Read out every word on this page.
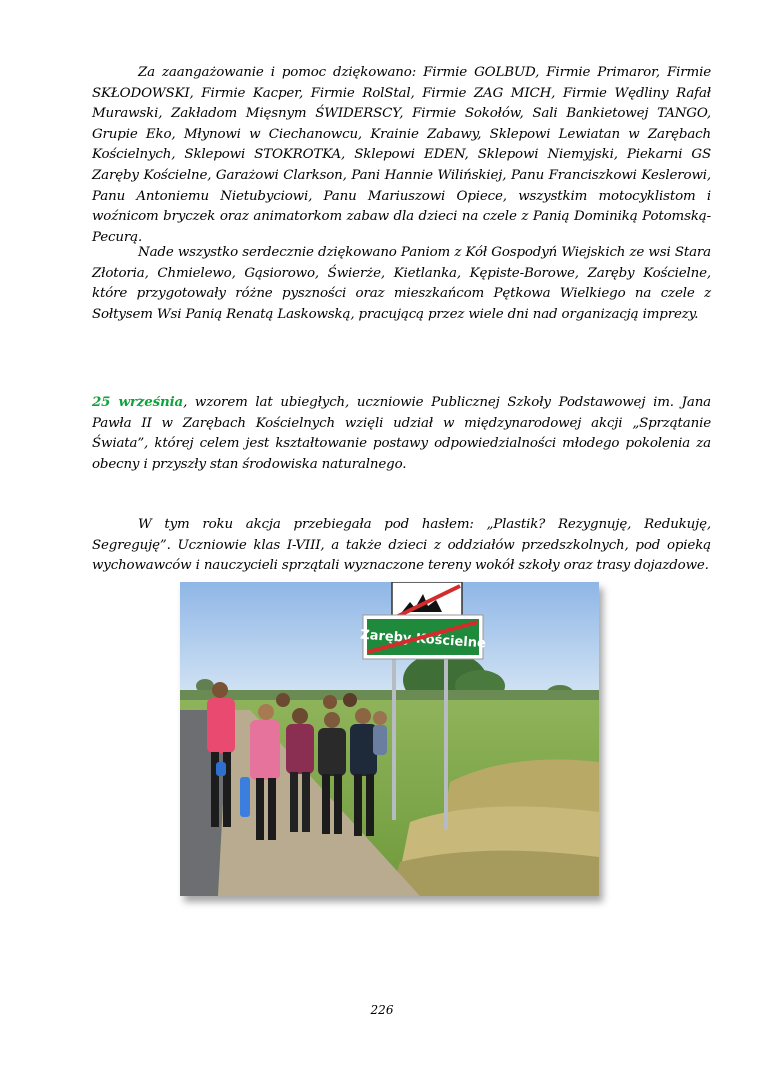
Za zaangażowanie i pomoc dziękowano: Firmie GOLBUD, Firmie Primaror, Firmie SKŁODOWSKI, Firmie Kacper, Firmie RolStal, Firmie ZAG MICH, Firmie Wędliny Rafał Murawski, Zakładom Mięsnym ŚWIDERSCY, Firmie Sokołów, Sali Bankietowej TANGO, Grupie Eko, Młynowi w Ciechanowcu, Krainie Zabawy, Sklepowi Lewiatan w Zarębach Kościelnych, Sklepowi STOKROTKA, Sklepowi EDEN, Sklepowi Niemyjski, Piekarni GS Zaręby Kościelne, Garażowi Clarkson, Pani Hannie Wilińskiej, Panu Franciszkowi Keslerowi, Panu Antoniemu Nietubyciowi, Panu Mariuszowi Opiece, wszystkim motocyklistom i woźnicom bryczek oraz animatorkom zabaw dla dzieci na czele z Panią Dominiką Potomską-Pecurą.

Nade wszystko serdecznie dziękowano Paniom z Kół Gospodyń Wiejskich ze wsi Stara Złotoria, Chmielewo, Gąsiorowo, Świerże, Kietlanka, Kępiste-Borowe, Zaręby Kościelne, które przygotowały różne pyszności oraz mieszkańcom Pętkowa Wielkiego na czele z Sołtysem Wsi Panią Renatą Laskowską, pracującą przez wiele dni nad organizacją imprezy.

25 września, wzorem lat ubiegłych, uczniowie Publicznej Szkoły Podstawowej im. Jana Pawła II w Zarębach Kościelnych wzięli udział w międzynarodowej akcji „Sprzątanie Świata”, której celem jest kształtowanie postawy odpowiedzialności młodego pokolenia za obecny i przyszły stan środowiska naturalnego.

W tym roku akcja przebiegała pod hasłem: „Plastik? Rezygnuję, Redukuję, Segreguję”. Uczniowie klas I-VIII, a także dzieci z oddziałów przedszkolnych, pod opieką wychowawców i nauczycieli sprzątali wyznaczone tereny wokół szkoły oraz trasy dojazdowe.

Zaręby Kościelne
226
